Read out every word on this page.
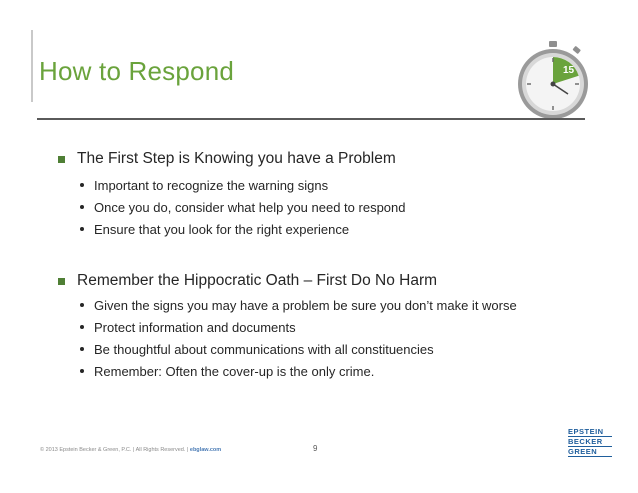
How to Respond	15
The First Step is Knowing you have a Problem
Important to recognize the warning signs
Once you do, consider what help you need to respond
Ensure that you look for the right experience
Remember the Hippocratic Oath – First Do No Harm
Given the signs you may have a problem be sure you don’t make it worse
Protect information and documents
Be thoughtful about communications with all constituencies
Remember: Often the cover-up is the only crime.
© 2013 Epstein Becker & Green, P.C. | All Rights Reserved. | ebglaw.com	9
EPSTEIN
BECKER
GREEN
